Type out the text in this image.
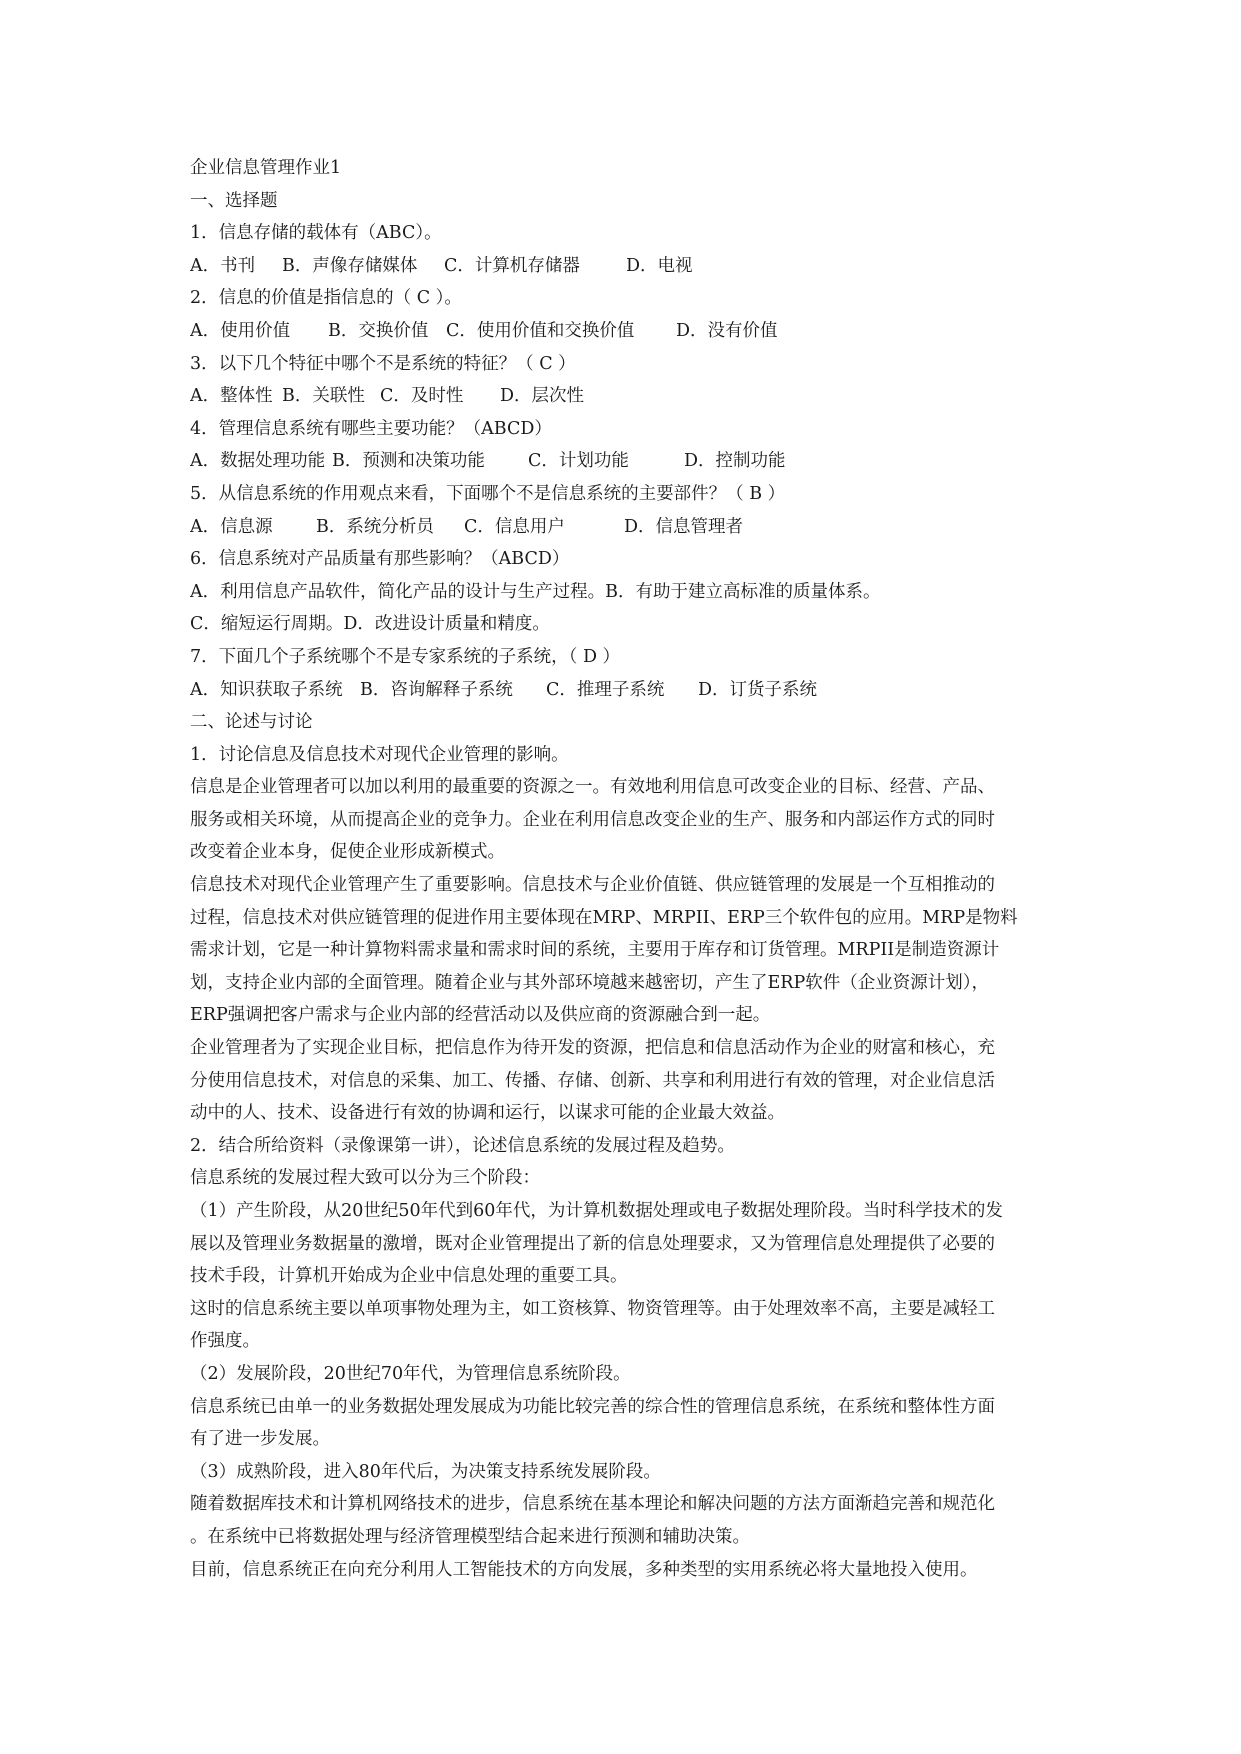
企业信息管理作业1
一、选择题
1．信息存储的载体有（ABC）。
A．书刊 B．声像存储媒体 C．计算机存储器	D．电视
2．信息的价值是指信息的（ C ）。
A．使用价值 B．交换价值 C．使用价值和交换价值 D．没有价值
3．以下几个特征中哪个不是系统的特征？（ C ）
A．整体性 B．关联性 C．及时性 D．层次性
4．管理信息系统有哪些主要功能？（ABCD）
A．数据处理功能 B．预测和决策功能 C．计划功能	D．控制功能
5．从信息系统的作用观点来看，下面哪个不是信息系统的主要部件？（ B ）
A．信息源 B．系统分析员 C．信息用户	D．信息管理者
6．信息系统对产品质量有那些影响？（ABCD）
A．利用信息产品软件，简化产品的设计与生产过程。B．有助于建立高标准的质量体系。
C．缩短运行周期。D．改进设计质量和精度。
7．下面几个子系统哪个不是专家系统的子系统，（ D ）
A．知识获取子系统 B．咨询解释子系统 C．推理子系统 D．订货子系统
二、论述与讨论
1．讨论信息及信息技术对现代企业管理的影响。
信息是企业管理者可以加以利用的最重要的资源之一。有效地利用信息可改变企业的目标、经营、产品、
服务或相关环境，从而提高企业的竞争力。企业在利用信息改变企业的生产、服务和内部运作方式的同时
改变着企业本身，促使企业形成新模式。
信息技术对现代企业管理产生了重要影响。信息技术与企业价值链、供应链管理的发展是一个互相推动的
过程，信息技术对供应链管理的促进作用主要体现在MRP、MRPII、ERP三个软件包的应用。MRP是物料
需求计划，它是一种计算物料需求量和需求时间的系统，主要用于库存和订货管理。MRPII是制造资源计
划，支持企业内部的全面管理。随着企业与其外部环境越来越密切，产生了ERP软件（企业资源计划），
ERP强调把客户需求与企业内部的经营活动以及供应商的资源融合到一起。
企业管理者为了实现企业目标，把信息作为待开发的资源，把信息和信息活动作为企业的财富和核心，充
分使用信息技术，对信息的采集、加工、传播、存储、创新、共享和利用进行有效的管理，对企业信息活
动中的人、技术、设备进行有效的协调和运行，以谋求可能的企业最大效益。
2．结合所给资料（录像课第一讲），论述信息系统的发展过程及趋势。
信息系统的发展过程大致可以分为三个阶段：
（1）产生阶段，从20世纪50年代到60年代，为计算机数据处理或电子数据处理阶段。当时科学技术的发
展以及管理业务数据量的激增，既对企业管理提出了新的信息处理要求，又为管理信息处理提供了必要的
技术手段，计算机开始成为企业中信息处理的重要工具。
这时的信息系统主要以单项事物处理为主，如工资核算、物资管理等。由于处理效率不高，主要是减轻工
作强度。
（2）发展阶段，20世纪70年代，为管理信息系统阶段。
信息系统已由单一的业务数据处理发展成为功能比较完善的综合性的管理信息系统，在系统和整体性方面
有了进一步发展。
（3）成熟阶段，进入80年代后，为决策支持系统发展阶段。
随着数据库技术和计算机网络技术的进步，信息系统在基本理论和解决问题的方法方面渐趋完善和规范化
。在系统中已将数据处理与经济管理模型结合起来进行预测和辅助决策。
目前，信息系统正在向充分利用人工智能技术的方向发展，多种类型的实用系统必将大量地投入使用。
